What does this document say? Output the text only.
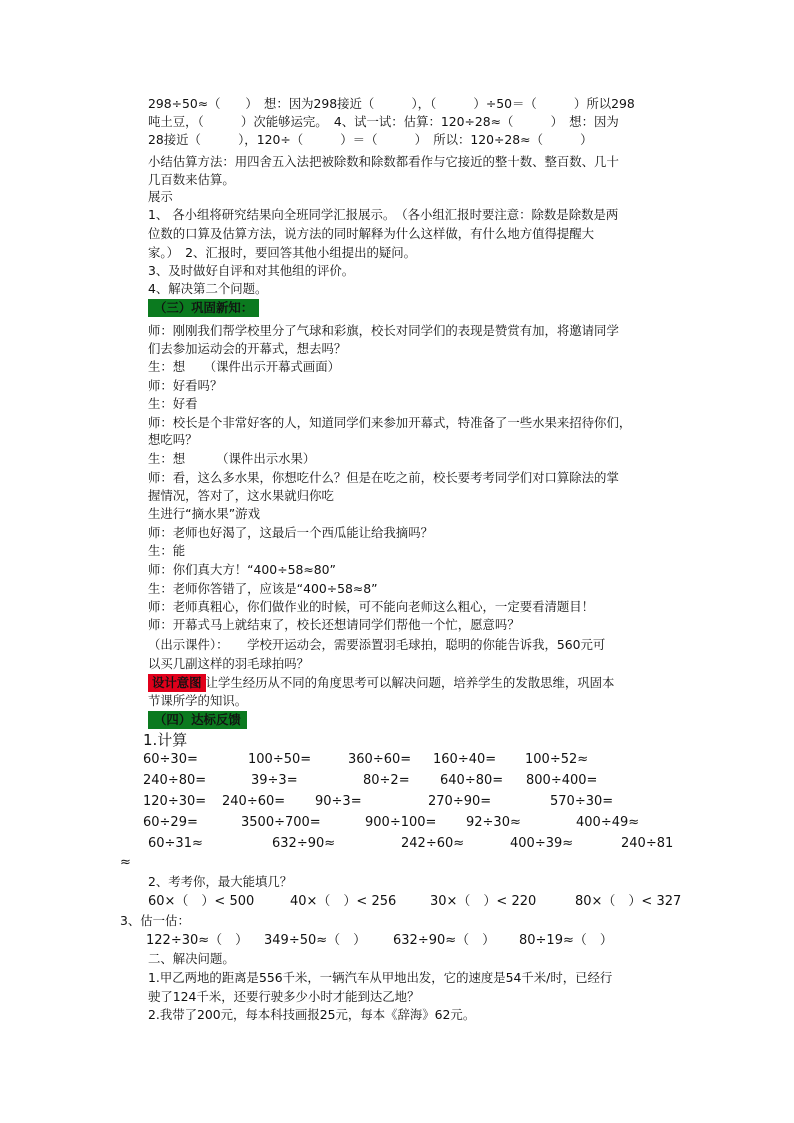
298÷50≈（　　）　想：因为298接近（　　　），（　　　）÷50＝（　　　）所以298
吨土豆，（　　　）次能够运完。　4、试一试：估算：120÷28≈（　　　）　想：因为
28接近（　　　），120÷（　　　）＝（　　　）　所以：120÷28≈（　　　）
小结估算方法：用四舍五入法把被除数和除数都看作与它接近的整十数、整百数、几十
几百数来估算。
展示
1、 各小组将研究结果向全班同学汇报展示。　（各小组汇报时要注意：除数是除数是两
位数的口算及估算方法，说方法的同时解释为什么这样做，有什么地方值得提醒大
家。）　2、汇报时，要回答其他小组提出的疑问。
3、及时做好自评和对其他组的评价。
4、解决第二个问题。
（三）巩固新知：
师：刚刚我们帮学校里分了气球和彩旗，校长对同学们的表现是赞赏有加，将邀请同学
们去参加运动会的开幕式，想去吗？
生：想　　（课件出示开幕式画面）
师：好看吗？
生：好看
师：校长是个非常好客的人，知道同学们来参加开幕式，特准备了一些水果来招待你们，
想吃吗？
生：想　　　（课件出示水果）
师：看，这么多水果，你想吃什么？但是在吃之前，校长要考考同学们对口算除法的掌
握情况，答对了，这水果就归你吃
生进行“摘水果”游戏
师：老师也好渴了，这最后一个西瓜能让给我摘吗？
生：能
师：你们真大方！“400÷58≈80”
生：老师你答错了，应该是“400÷58≈8”
师：老师真粗心，你们做作业的时候，可不能向老师这么粗心，一定要看清题目！
师：开幕式马上就结束了，校长还想请同学们帮他一个忙，愿意吗？
（出示课件）：　　学校开运动会，需要添置羽毛球拍，聪明的你能告诉我，560元可
以买几副这样的羽毛球拍吗？
设计意图 让学生经历从不同的角度思考可以解决问题，培养学生的发散思维，巩固本
节课所学的知识。
（四）达标反馈
1.计算
60÷30=	100÷50=	360÷60= 160÷40= 100÷52≈
240÷80=	39÷3=	80÷2= 640÷80= 800÷400=
120÷30= 240÷60= 90÷3=	270÷90=	570÷30=
60÷29=	3500÷700=	900÷100= 92÷30≈	400÷49≈
60÷31≈	632÷90≈	242÷60≈	400÷39≈	240÷81
≈
2、考考你，最大能填几？
60×（　）< 500	40×（　）< 256	30×（　）< 220	80×（　）< 327
3、估一估：
122÷30≈（　） 349÷50≈（　） 632÷90≈（　） 80÷19≈（　）
二、解决问题。
1.甲乙两地的距离是556千米，一辆汽车从甲地出发，它的速度是54千米/时，已经行
驶了124千米，还要行驶多少小时才能到达乙地？
2.我带了200元，每本科技画报25元，每本《辞海》62元。
